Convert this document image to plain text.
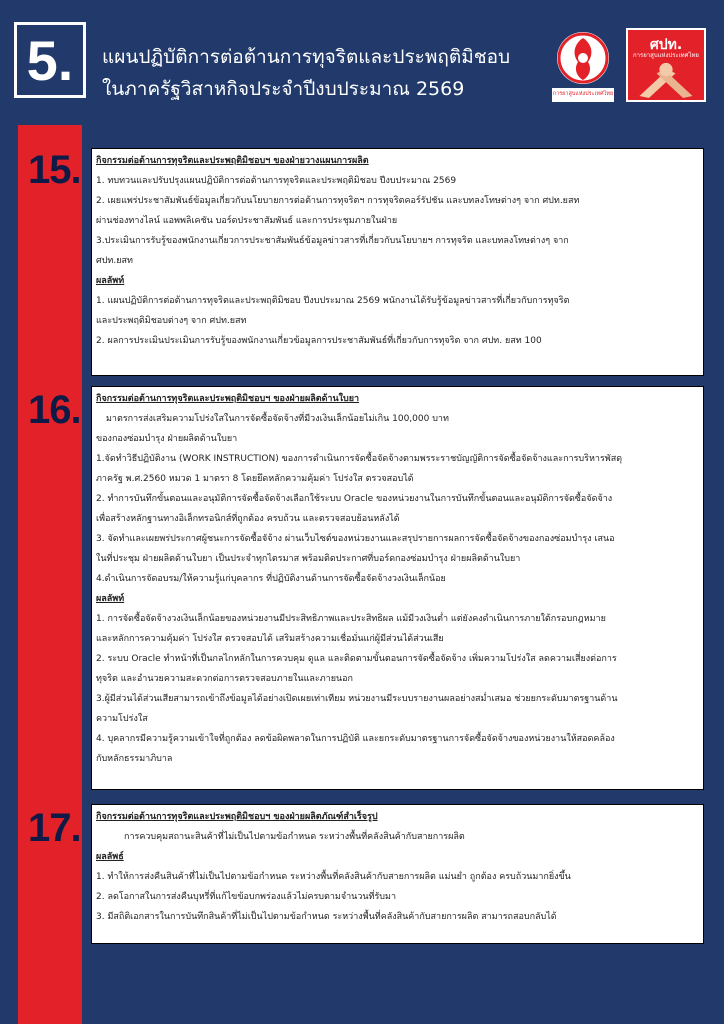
5.	แผนปฏิบัติการต่อต้านการทุจริตและประพฤติมิชอบ
ในภาครัฐวิสาหกิจประจำปีงบประมาณ 2569	การยาสูบแห่งประเทศไทย
ศปท.
การยาสูบแห่งประเทศไทย
15. กิจกรรมต่อต้านการทุจริตและประพฤติมิชอบฯ ของฝ่ายวางแผนการผลิต
1. ทบทวนและปรับปรุงแผนปฏิบัติการต่อต้านการทุจริตและประพฤติมิชอบ ปีงบประมาณ 2569
2. เผยแพร่ประชาสัมพันธ์ข้อมูลเกี่ยวกับนโยบายการต่อต้านการทุจริตฯ การทุจริตคอร์รัปชัน และบทลงโทษต่างๆ จาก ศปท.ยสท
ผ่านช่องทางไลน์ แอพพลิเคชัน บอร์ดประชาสัมพันธ์ และการประชุมภายในฝ่าย
3.ประเมินการรับรู้ของพนักงานเกี่ยวการประชาสัมพันธ์ข้อมูลข่าวสารที่เกี่ยวกับนโยบายฯ การทุจริต และบทลงโทษต่างๆ จาก
ศปท.ยสท
ผลลัพท์
1. แผนปฏิบัติการต่อต้านการทุจริตและประพฤติมิชอบ ปีงบประมาณ 2569 พนักงานได้รับรู้ข้อมูลข่าวสารที่เกี่ยวกับการทุจริต
และประพฤติมิชอบต่างๆ จาก ศปท.ยสท
2. ผลการประเมินประเมินการรับรู้ของพนักงานเกี่ยวข้อมูลการประชาสัมพันธ์ที่เกี่ยวกับการทุจริต จาก ศปท. ยสท 100
16. กิจกรรมต่อต้านการทุจริตและประพฤติมิชอบฯ ของฝ่ายผลิตด้านใบยา
มาตรการส่งเสริมความโปร่งใสในการจัดซื้อจัดจ้างที่มีวงเงินเล็กน้อยไม่เกิน 100,000 บาท
ของกองซ่อมบำรุง ฝ่ายผลิตด้านใบยา
1.จัดทำวิธีปฏิบัติงาน (WORK INSTRUCTION) ของการดำเนินการจัดซื้อจัดจ้างตามพรระราชบัญญัติการจัดซื้อจัดจ้างและการบริหารพัสดุ
ภาครัฐ พ.ศ.2560 หมวด 1 มาตรา 8 โดยยึดหลักความคุ้มค่า โปร่งใส ตรวจสอบได้
2. ทำการบันทึกขั้นตอนและอนุมัติการจัดซื้อจัดจ้างเลือกใช้ระบบ Oracle ของหน่วยงานในการบันทึกขั้นตอนและอนุมัติการจัดซื้อจัดจ้าง
เพื่อสร้างหลักฐานทางอิเล็กทรอนิกส์ที่ถูกต้อง ครบถ้วน และตรวจสอบย้อนหลังได้
3. จัดทำและเผยพร่ประกาศผู้ชนะการจัดซื้อจัจ้าง ผ่านเว็บไซต์ของหน่วยงานและสรุปรายการผลการจัดซื้อจัดจ้างของกองซ่อมบำรุง เสนอ
ในที่ประชุม ฝ่ายผลิตด้านใบยา เป็นประจำทุกไตรมาส พร้อมติดประกาศที่บอร์ดกองซ่อมบำรุง ฝ่ายผลิตด้านใบยา
4.ดำเนินการจัดอบรม/ให้ความรู้แก่บุคลากร ที่ปฏิบัติงานด้านการจัดซื้อจัดจ้างวงเงินเล็กน้อย
ผลลัพท์
1. การจัดซื้อจัดจ้างวงเงินเล็กน้อยของหน่วยงานมีประสิทธิภาพและประสิทธิผล แม้มีวงเงินต่ำ แต่ยังคงดำเนินการภายใต้กรอบกฎหมาย
และหลักการความคุ้มค่า โปร่งใส ตรวจสอบได้ เสริมสร้างความเชื่อมั่นแก่ผู้มีส่วนได้ส่วนเสีย
2. ระบบ Oracle ทำหน้าที่เป็นกลไกหลักในการควบคุม ดูแล และติดตามขั้นตอนการจัดซื้อจัดจ้าง เพิ่มความโปร่งใส ลดความเสี่ยงต่อการ
ทุจริต และอำนวยความสะดวกต่อการตรวจสอบภายในและภายนอก
3.ผู้มีส่วนได้ส่วนเสียสามารถเข้าถึงข้อมูลได้อย่างเปิดเผยเท่าเทียม หน่วยงานมีระบบรายงานผลอย่างสม่ำเสมอ ช่วยยกระดับมาตรฐานด้าน
ความโปร่งใส
4. บุคลากรมีความรู้ความเข้าใจที่ถูกต้อง ลดข้อผิดพลาดในการปฏิบัติ และยกระดับมาตรฐานการจัดซื้อจัดจ้างของหน่วยงานให้สอดคล้อง
กับหลักธรรมาภิบาล
17. กิจกรรมต่อต้านการทุจริตและประพฤติมิชอบฯ ของฝ่ายผลิตภัณฑ์สำเร็จรูป
การควบคุมสถานะสินค้าที่ไม่เป็นไปตามข้อกำหนด ระหว่างพื้นที่คลังสินค้ากับสายการผลิต
ผลลัพธ์
1. ทำให้การส่งคืนสินค้าที่ไม่เป็นไปตามข้อกำหนด ระหว่างพื้นที่คลังสินค้ากับสายการผลิต แม่นยำ ถูกต้อง ครบถ้วนมากยิ่งขึ้น
2. ลดโอกาสในการส่งคืนบุหรี่ที่แก้ไขข้อบกพร่องแล้วไม่ครบตามจำนวนที่รับมา
3. มีสถิติเอกสารในการบันทึกสินค้าที่ไม่เป็นไปตามข้อกำหนด ระหว่างพื้นที่คลังสินค้ากับสายการผลิต สามารถสอบกลับได้
